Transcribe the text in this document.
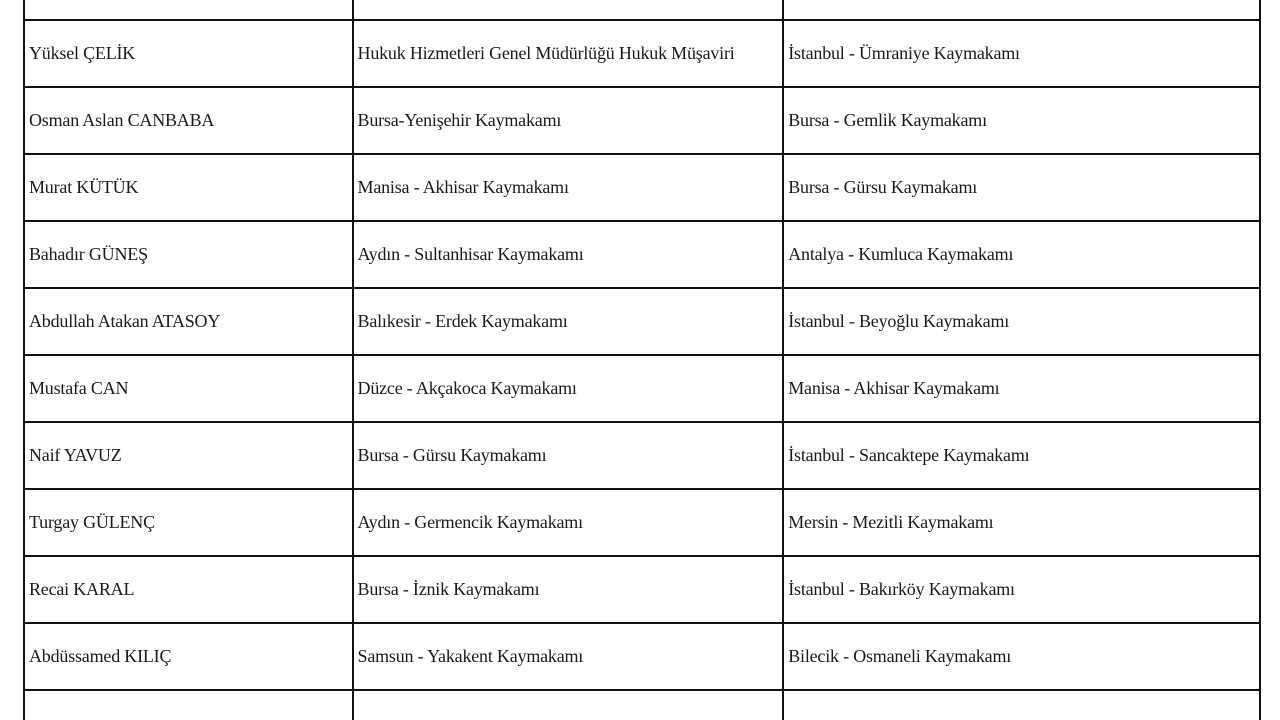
Yüksel ÇELİK	Hukuk Hizmetleri Genel Müdürlüğü Hukuk Müşaviri	İstanbul - Ümraniye Kaymakamı
Osman Aslan CANBABA	Bursa-Yenişehir Kaymakamı	Bursa - Gemlik Kaymakamı
Murat KÜTÜK	Manisa - Akhisar Kaymakamı	Bursa - Gürsu Kaymakamı
Bahadır GÜNEŞ	Aydın - Sultanhisar Kaymakamı	Antalya - Kumluca Kaymakamı
Abdullah Atakan ATASOY	Balıkesir - Erdek Kaymakamı	İstanbul - Beyoğlu Kaymakamı
Mustafa CAN	Düzce - Akçakoca Kaymakamı	Manisa - Akhisar Kaymakamı
Naif YAVUZ	Bursa - Gürsu Kaymakamı	İstanbul - Sancaktepe Kaymakamı
Turgay GÜLENÇ	Aydın - Germencik Kaymakamı	Mersin - Mezitli Kaymakamı
Recai KARAL	Bursa - İznik Kaymakamı	İstanbul - Bakırköy Kaymakamı
Abdüssamed KILIÇ	Samsun - Yakakent Kaymakamı	Bilecik - Osmaneli Kaymakamı
